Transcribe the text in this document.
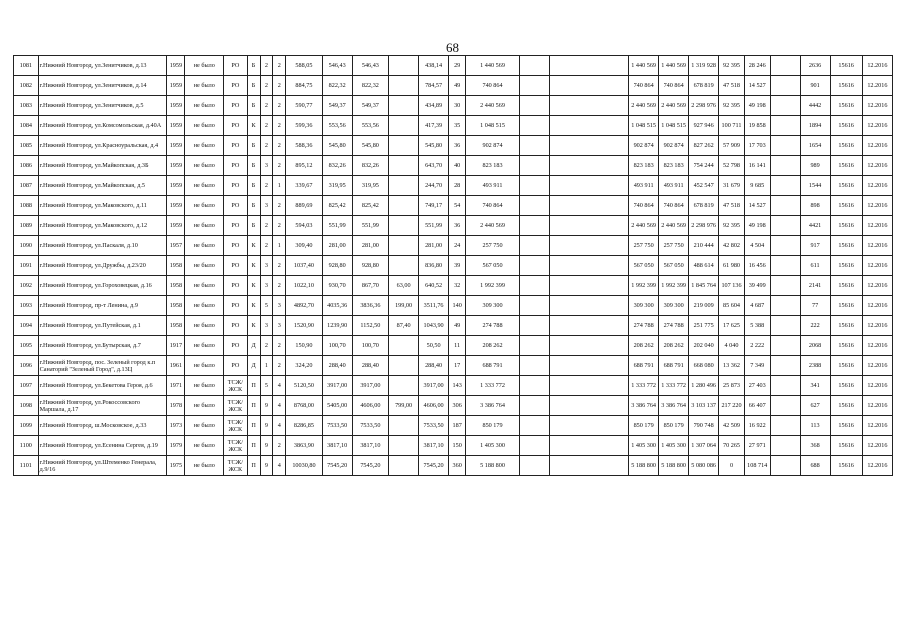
68
1081	г.Нижний Новгород, ул.Зенитчиков, д.13	1959	не было	РО	Б	2	2	588,05	546,43	546,43		438,14	29	1 440 569			1 440 569	1 440 569	1 319 928	92 395	28 246		2636	15616	12.2016
1082	г.Нижний Новгород, ул.Зенитчиков, д.14	1959	не было	РО	Б	2	2	884,75	822,32	822,32		784,57	49	740 864			740 864	740 864	678 819	47 518	14 527		901	15616	12.2016
1083	г.Нижний Новгород, ул.Зенитчиков, д.5	1959	не было	РО	Б	2	2	590,77	549,37	549,37		434,89	30	2 440 569			2 440 569	2 440 569	2 298 976	92 395	49 198		4442	15616	12.2016
1084	г.Нижний Новгород, ул.Комсомольская, д.40А	1959	не было	РО	К	2	2	599,36	553,56	553,56		417,39	35	1 048 515			1 048 515	1 048 515	927 946	100 711	19 858		1894	15616	12.2016
1085	г.Нижний Новгород, ул.Красноуральская, д.4	1959	не было	РО	Б	2	2	588,36	545,80	545,80		545,80	36	902 874			902 874	902 874	827 262	57 909	17 703		1654	15616	12.2016
1086	г.Нижний Новгород, ул.Майкопская, д.3Б	1959	не было	РО	Б	3	2	895,12	832,26	832,26		643,70	40	823 183			823 183	823 183	754 244	52 798	16 141		989	15616	12.2016
1087	г.Нижний Новгород, ул.Майкопская, д.5	1959	не было	РО	Б	2	1	339,67	319,95	319,95		244,70	28	493 911			493 911	493 911	452 547	31 679	9 685		1544	15616	12.2016
1088	г.Нижний Новгород, ул.Маковского, д.11	1959	не было	РО	Б	3	2	889,69	825,42	825,42		749,17	54	740 864			740 864	740 864	678 819	47 518	14 527		898	15616	12.2016
1089	г.Нижний Новгород, ул.Маковского, д.12	1959	не было	РО	Б	2	2	594,03	551,99	551,99		551,99	36	2 440 569			2 440 569	2 440 569	2 298 976	92 395	49 198		4421	15616	12.2016
1090	г.Нижний Новгород, ул.Паскаля, д.10	1957	не было	РО	К	2	1	309,40	281,00	281,00		281,00	24	257 750			257 750	257 750	210 444	42 802	4 504		917	15616	12.2016
1091	г.Нижний Новгород, ул.Дружбы, д.23/20	1958	не было	РО	К	3	2	1037,40	928,80	928,80		836,80	39	567 050			567 050	567 050	488 614	61 980	16 456		611	15616	12.2016
1092	г.Нижний Новгород, ул.Гороховецкая, д.16	1958	не было	РО	К	3	2	1022,10	930,70	867,70	63,00	640,52	32	1 992 399			1 992 399	1 992 399	1 845 764	107 136	39 499		2141	15616	12.2016
1093	г.Нижний Новгород, пр-т Ленина, д.9	1958	не было	РО	К	5	3	4892,70	4035,36	3836,36	199,00	3511,76	140	309 300			309 300	309 300	219 009	85 604	4 687		77	15616	12.2016
1094	г.Нижний Новгород, ул.Путейская, д.1	1958	не было	РО	К	3	3	1520,90	1239,90	1152,50	87,40	1043,90	49	274 788			274 788	274 788	251 775	17 625	5 388		222	15616	12.2016
1095	г.Нижний Новгород, ул.Бутырская, д.7	1917	не было	РО	Д	2	2	150,90	100,70	100,70		50,50	11	208 262			208 262	208 262	202 040	4 040	2 222		2068	15616	12.2016
1096	г.Нижний Новгород, пос. Зеленый город к.п Санаторий "Зеленый Город", д.13Ц	1961	не было	РО	Д	1	2	324,20	288,40	288,40		288,40	17	688 791			688 791	688 791	668 080	13 362	7 349		2388	15616	12.2016
1097	г.Нижний Новгород, ул.Бекетова Героя, д.6	1971	не было	ТСЖ/ЖСК	П	5	4	5120,50	3917,00	3917,00		3917,00	143	1 333 772			1 333 772	1 333 772	1 280 496	25 873	27 403		341	15616	12.2016
1098	г.Нижний Новгород, ул.Рокоссовского Маршала, д.17	1978	не было	ТСЖ/ЖСК	П	9	4	8768,00	5405,00	4606,00	799,00	4606,00	306	3 386 764			3 386 764	3 386 764	3 103 137	217 220	66 407		627	15616	12.2016
1099	г.Нижний Новгород, ш.Московское, д.33	1973	не было	ТСЖ/ЖСК	П	9	4	8286,85	7533,50	7533,50		7533,50	187	850 179			850 179	850 179	790 748	42 509	16 922		113	15616	12.2016
1100	г.Нижний Новгород, ул.Есенина Сергея, д.19	1979	не было	ТСЖ/ЖСК	П	9	2	3863,90	3817,10	3817,10		3817,10	150	1 405 300			1 405 300	1 405 300	1 307 064	70 265	27 971		368	15616	12.2016
1101	г.Нижний Новгород, ул.Штеменко Генерала, д.9/16	1975	не было	ТСЖ/ЖСК	П	9	4	10030,80	7545,20	7545,20		7545,20	360	5 188 800			5 188 800	5 188 800	5 080 086	0	108 714		688	15616	12.2016
